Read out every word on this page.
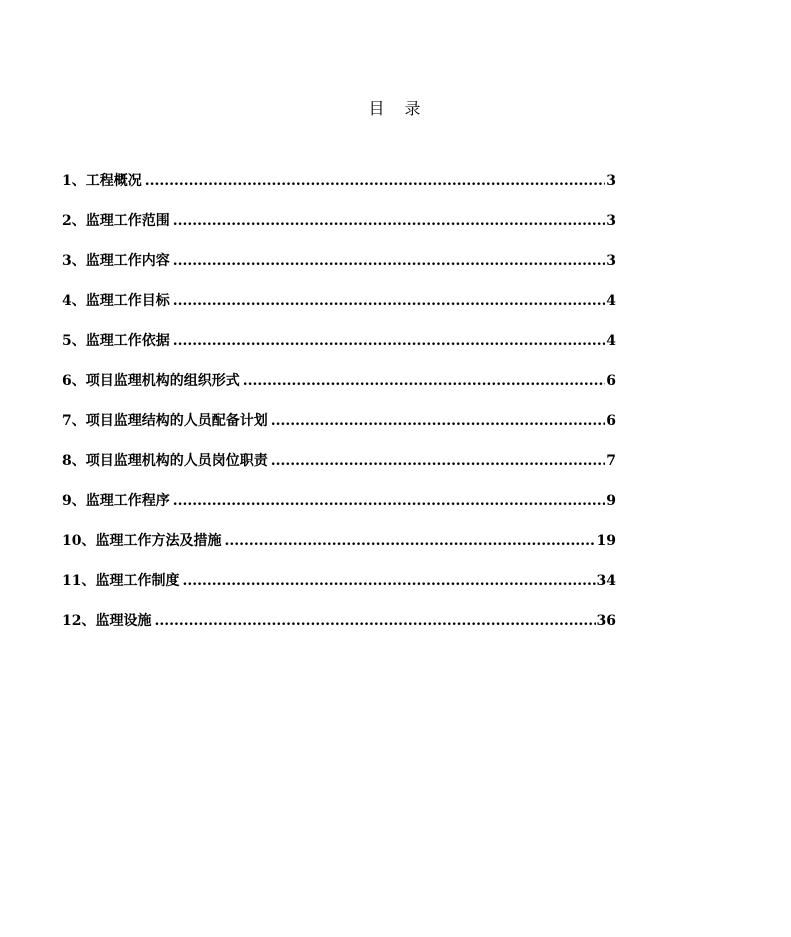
目 录
1、 工程概况 .....	3
2、 监理工作范围 .....	3
3、 监理工作内容 .....	3
4、 监理工作目标 .....	4
5、 监理工作依据 .....	4
6、 项目监理机构的组织形式 .....	6
7、 项目监理结构的人员配备计划 .....	6
8、 项目监理机构的人员岗位职责 .....	7
9、 监理工作程序 .....	9
10、 监理工作方法及措施 .....	19
11、 监理工作制度 .....	34
12、 监理设施 .....	36
